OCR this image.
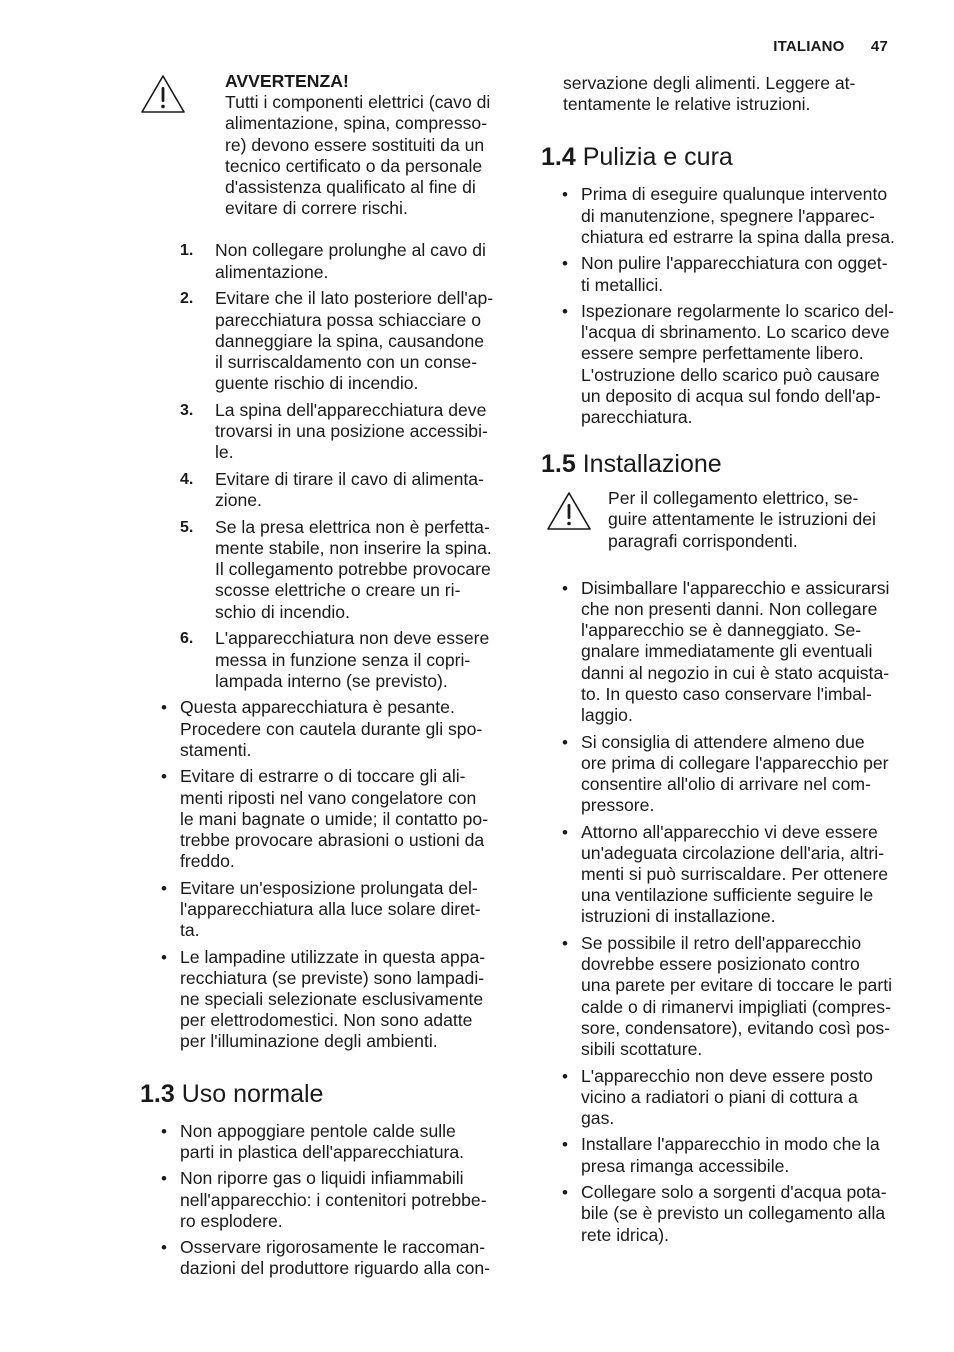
ITALIANO 47
AVVERTENZA!
Tutti i componenti elettrici (cavo di
alimentazione, spina, compresso-
re) devono essere sostituiti da un
tecnico certificato o da personale
d'assistenza qualificato al fine di
evitare di correre rischi.
1. Non collegare prolunghe al cavo di
alimentazione.
2. Evitare che il lato posteriore dell'ap-
parecchiatura possa schiacciare o
danneggiare la spina, causandone
il surriscaldamento con un conse-
guente rischio di incendio.
3. La spina dell'apparecchiatura deve
trovarsi in una posizione accessibi-
le.
4. Evitare di tirare il cavo di alimenta-
zione.
5. Se la presa elettrica non è perfetta-
mente stabile, non inserire la spina.
Il collegamento potrebbe provocare
scosse elettriche o creare un ri-
schio di incendio.
6. L'apparecchiatura non deve essere
messa in funzione senza il copri-
lampada interno (se previsto).
• Questa apparecchiatura è pesante.
Procedere con cautela durante gli spo-
stamenti.
• Evitare di estrarre o di toccare gli ali-
menti riposti nel vano congelatore con
le mani bagnate o umide; il contatto po-
trebbe provocare abrasioni o ustioni da
freddo.
• Evitare un'esposizione prolungata del-
l'apparecchiatura alla luce solare diret-
ta.
• Le lampadine utilizzate in questa appa-
recchiatura (se previste) sono lampadi-
ne speciali selezionate esclusivamente
per elettrodomestici. Non sono adatte
per l'illuminazione degli ambienti.
1.3 Uso normale
• Non appoggiare pentole calde sulle
parti in plastica dell'apparecchiatura.
• Non riporre gas o liquidi infiammabili
nell'apparecchio: i contenitori potrebbe-
ro esplodere.
• Osservare rigorosamente le raccoman-
dazioni del produttore riguardo alla con-
servazione degli alimenti. Leggere at-
tentamente le relative istruzioni.
1.4 Pulizia e cura
• Prima di eseguire qualunque intervento
di manutenzione, spegnere l'apparec-
chiatura ed estrarre la spina dalla presa.
• Non pulire l'apparecchiatura con ogget-
ti metallici.
• Ispezionare regolarmente lo scarico del-
l'acqua di sbrinamento. Lo scarico deve
essere sempre perfettamente libero.
L'ostruzione dello scarico può causare
un deposito di acqua sul fondo dell'ap-
parecchiatura.
1.5 Installazione
Per il collegamento elettrico, se-
guire attentamente le istruzioni dei
paragrafi corrispondenti.
• Disimballare l'apparecchio e assicurarsi
che non presenti danni. Non collegare
l'apparecchio se è danneggiato. Se-
gnalare immediatamente gli eventuali
danni al negozio in cui è stato acquista-
to. In questo caso conservare l'imbal-
laggio.
• Si consiglia di attendere almeno due
ore prima di collegare l'apparecchio per
consentire all'olio di arrivare nel com-
pressore.
• Attorno all'apparecchio vi deve essere
un'adeguata circolazione dell'aria, altri-
menti si può surriscaldare. Per ottenere
una ventilazione sufficiente seguire le
istruzioni di installazione.
• Se possibile il retro dell'apparecchio
dovrebbe essere posizionato contro
una parete per evitare di toccare le parti
calde o di rimanervi impigliati (compres-
sore, condensatore), evitando così pos-
sibili scottature.
• L'apparecchio non deve essere posto
vicino a radiatori o piani di cottura a
gas.
• Installare l'apparecchio in modo che la
presa rimanga accessibile.
• Collegare solo a sorgenti d'acqua pota-
bile (se è previsto un collegamento alla
rete idrica).
